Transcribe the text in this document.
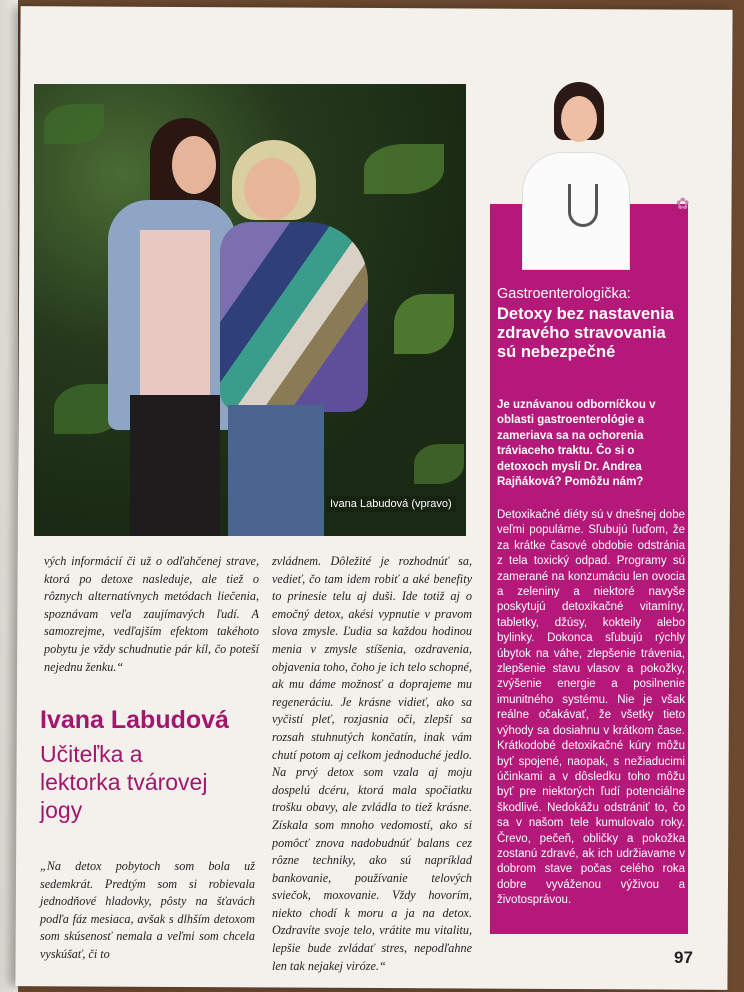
Ivana Labudová (vpravo)
vých informácií či už o odľahčenej strave, ktorá po detoxe nasleduje, ale tiež o rôznych alternatívnych metódach liečenia, spoznávam veľa zaujímavých ľudí. A samozrejme, vedľajším efektom takéhoto pobytu je vždy schudnutie pár kíl, čo poteší nejednu ženku.“
Ivana Labudová
Učiteľka a lektorka tvárovej jogy
„Na detox pobytoch som bola už sedemkrát. Predtým som si robievala jednodňové hladovky, pôsty na šťavách podľa fáz mesiaca, avšak s dlhším detoxom som skúsenosť nemala a veľmi som chcela vyskúšať, či to
zvládnem. Dôležité je rozhodnúť sa, vedieť, čo tam idem robiť a aké benefity to prinesie telu aj duši. Ide totiž aj o emočný detox, akési vypnutie v pravom slova zmysle. Ľudia sa každou hodinou menia v zmysle stíšenia, ozdravenia, objavenia toho, čoho je ich telo schopné, ak mu dáme možnosť a doprajeme mu regeneráciu. Je krásne vidieť, ako sa vyčistí pleť, rozjasnia oči, zlepší sa rozsah stuhnutých končatín, inak vám chutí potom aj celkom jednoduché jedlo. Na prvý detox som vzala aj moju dospelú dcéru, ktorá mala spočiatku trošku obavy, ale zvládla to tiež krásne. Získala som mnoho vedomostí, ako si pomôcť znova nadobudnúť balans cez rôzne techniky, ako sú napríklad bankovanie, používanie telových sviečok, moxovanie. Vždy hovorím, niekto chodí k moru a ja na detox. Ozdravíte svoje telo, vrátite mu vitalitu, lepšie bude zvládať stres, nepodľahne len tak nejakej viróze.“
✿
Gastroenterologička:
Detoxy bez nastavenia zdravého stravovania sú nebezpečné
Je uznávanou odborníčkou v oblasti gastroenterológie a zameriava sa na ochorenia tráviaceho traktu. Čo si o detoxoch myslí Dr. Andrea Rajňáková? Pomôžu nám?
Detoxikačné diéty sú v dnešnej dobe veľmi populárne. Sľubujú ľuďom, že za krátke časové obdobie odstránia z tela toxický odpad. Programy sú zamerané na konzumáciu len ovocia a zeleniny a niektoré navyše poskytujú detoxikačné vitamíny, tabletky, džúsy, kokteily alebo bylinky. Dokonca sľubujú rýchly úbytok na váhe, zlepšenie trávenia, zlepšenie stavu vlasov a pokožky, zvýšenie energie a posilnenie imunitného systému. Nie je však reálne očakávať, že všetky tieto výhody sa dosiahnu v krátkom čase. Krátkodobé detoxikačné kúry môžu byť spojené, naopak, s nežiaducimi účinkami a v dôsledku toho môžu byť pre niektorých ľudí potenciálne škodlivé. Nedokážu odstrániť to, čo sa v našom tele kumulovalo roky. Črevo, pečeň, obličky a pokožka zostanú zdravé, ak ich udržiavame v dobrom stave počas celého roka dobre vyváženou výživou a životosprávou.
97
